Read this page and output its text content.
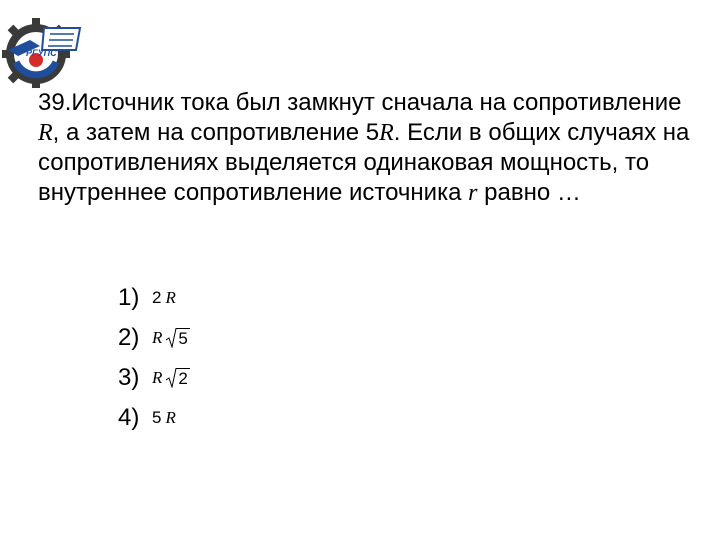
РГУПС

39.Источник тока был замкнут сначала на сопротивление R, а затем на сопротивление 5R. Если в общих случаях на сопротивлениях выделяется одинаковая мощность, то внутреннее сопротивление источника r равно …

1) 2 R
2) R 5
3) R 2
4) 5 R
